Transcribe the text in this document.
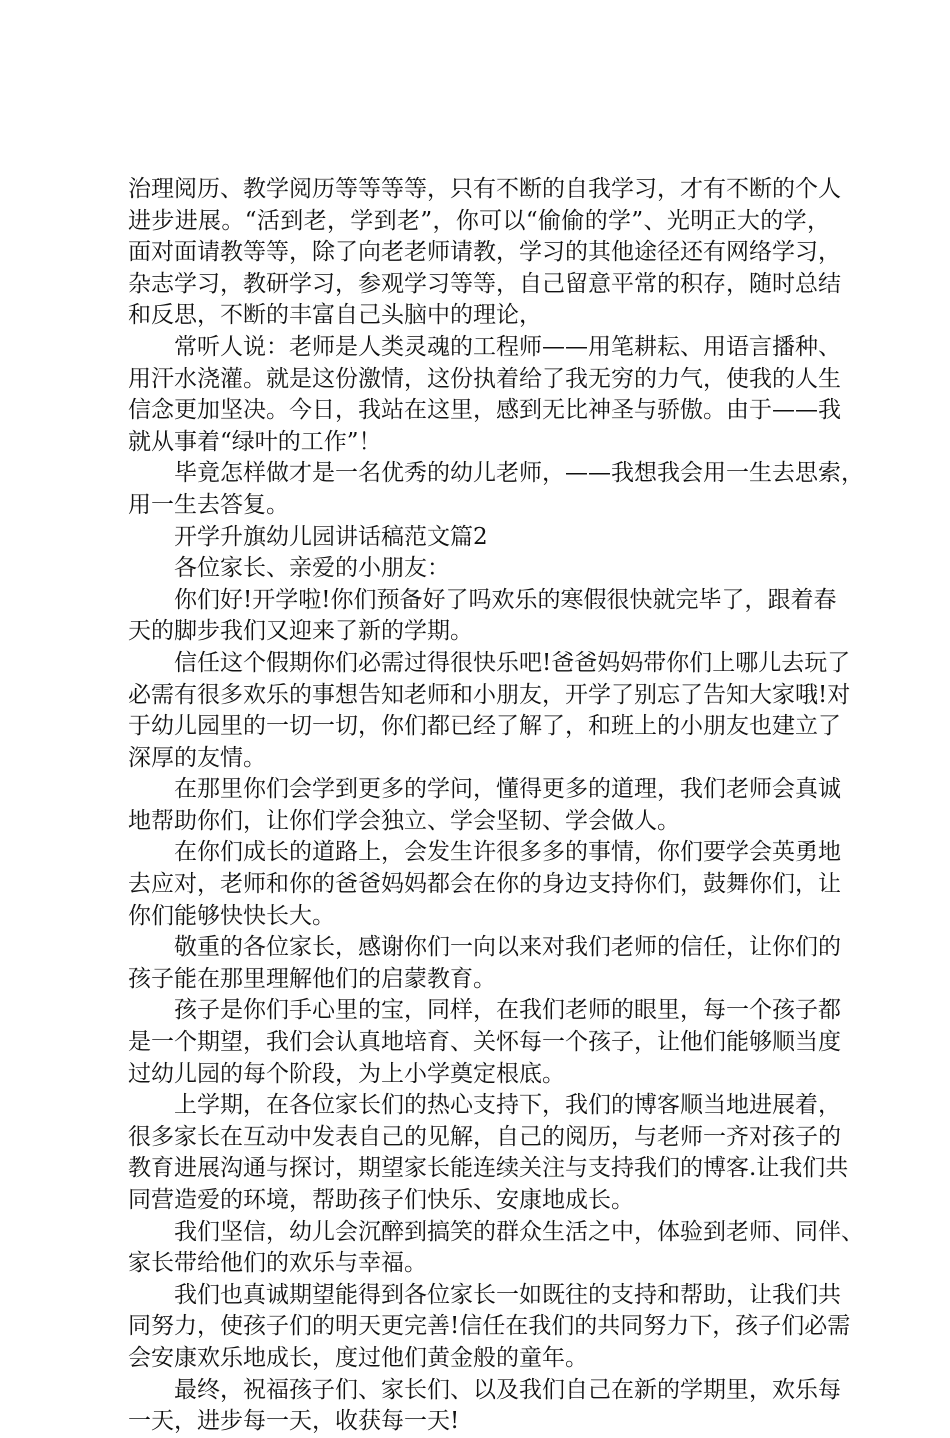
治理阅历、教学阅历等等等等，只有不断的自我学习，才有不断的个人
进步进展。“活到老，学到老”，你可以“偷偷的学”、光明正大的学，
面对面请教等等，除了向老老师请教，学习的其他途径还有网络学习，
杂志学习，教研学习，参观学习等等，自己留意平常的积存，随时总结
和反思，不断的丰富自己头脑中的理论，

常听人说：老师是人类灵魂的工程师——用笔耕耘、用语言播种、
用汗水浇灌。就是这份激情，这份执着给了我无穷的力气，使我的人生
信念更加坚决。今日，我站在这里，感到无比神圣与骄傲。由于——我
就从事着“绿叶的工作”！

毕竟怎样做才是一名优秀的幼儿老师，——我想我会用一生去思索，
用一生去答复。

开学升旗幼儿园讲话稿范文篇2

各位家长、亲爱的小朋友：

你们好!开学啦!你们预备好了吗欢乐的寒假很快就完毕了，跟着春
天的脚步我们又迎来了新的学期。

信任这个假期你们必需过得很快乐吧!爸爸妈妈带你们上哪儿去玩了
必需有很多欢乐的事想告知老师和小朋友，开学了别忘了告知大家哦!对
于幼儿园里的一切一切，你们都已经了解了，和班上的小朋友也建立了
深厚的友情。

在那里你们会学到更多的学问，懂得更多的道理，我们老师会真诚
地帮助你们，让你们学会独立、学会坚韧、学会做人。

在你们成长的道路上，会发生许很多多的事情，你们要学会英勇地
去应对，老师和你的爸爸妈妈都会在你的身边支持你们，鼓舞你们，让
你们能够快快长大。

敬重的各位家长，感谢你们一向以来对我们老师的信任，让你们的
孩子能在那里理解他们的启蒙教育。

孩子是你们手心里的宝，同样，在我们老师的眼里，每一个孩子都
是一个期望，我们会认真地培育、关怀每一个孩子，让他们能够顺当度
过幼儿园的每个阶段，为上小学奠定根底。

上学期，在各位家长们的热心支持下，我们的博客顺当地进展着，
很多家长在互动中发表自己的见解，自己的阅历，与老师一齐对孩子的
教育进展沟通与探讨，期望家长能连续关注与支持我们的博客.让我们共
同营造爱的环境，帮助孩子们快乐、安康地成长。

我们坚信，幼儿会沉醉到搞笑的群众生活之中，体验到老师、同伴、
家长带给他们的欢乐与幸福。

我们也真诚期望能得到各位家长一如既往的支持和帮助，让我们共
同努力，使孩子们的明天更完善!信任在我们的共同努力下，孩子们必需
会安康欢乐地成长，度过他们黄金般的童年。

最终，祝福孩子们、家长们、以及我们自己在新的学期里，欢乐每
一天，进步每一天，收获每一天!
